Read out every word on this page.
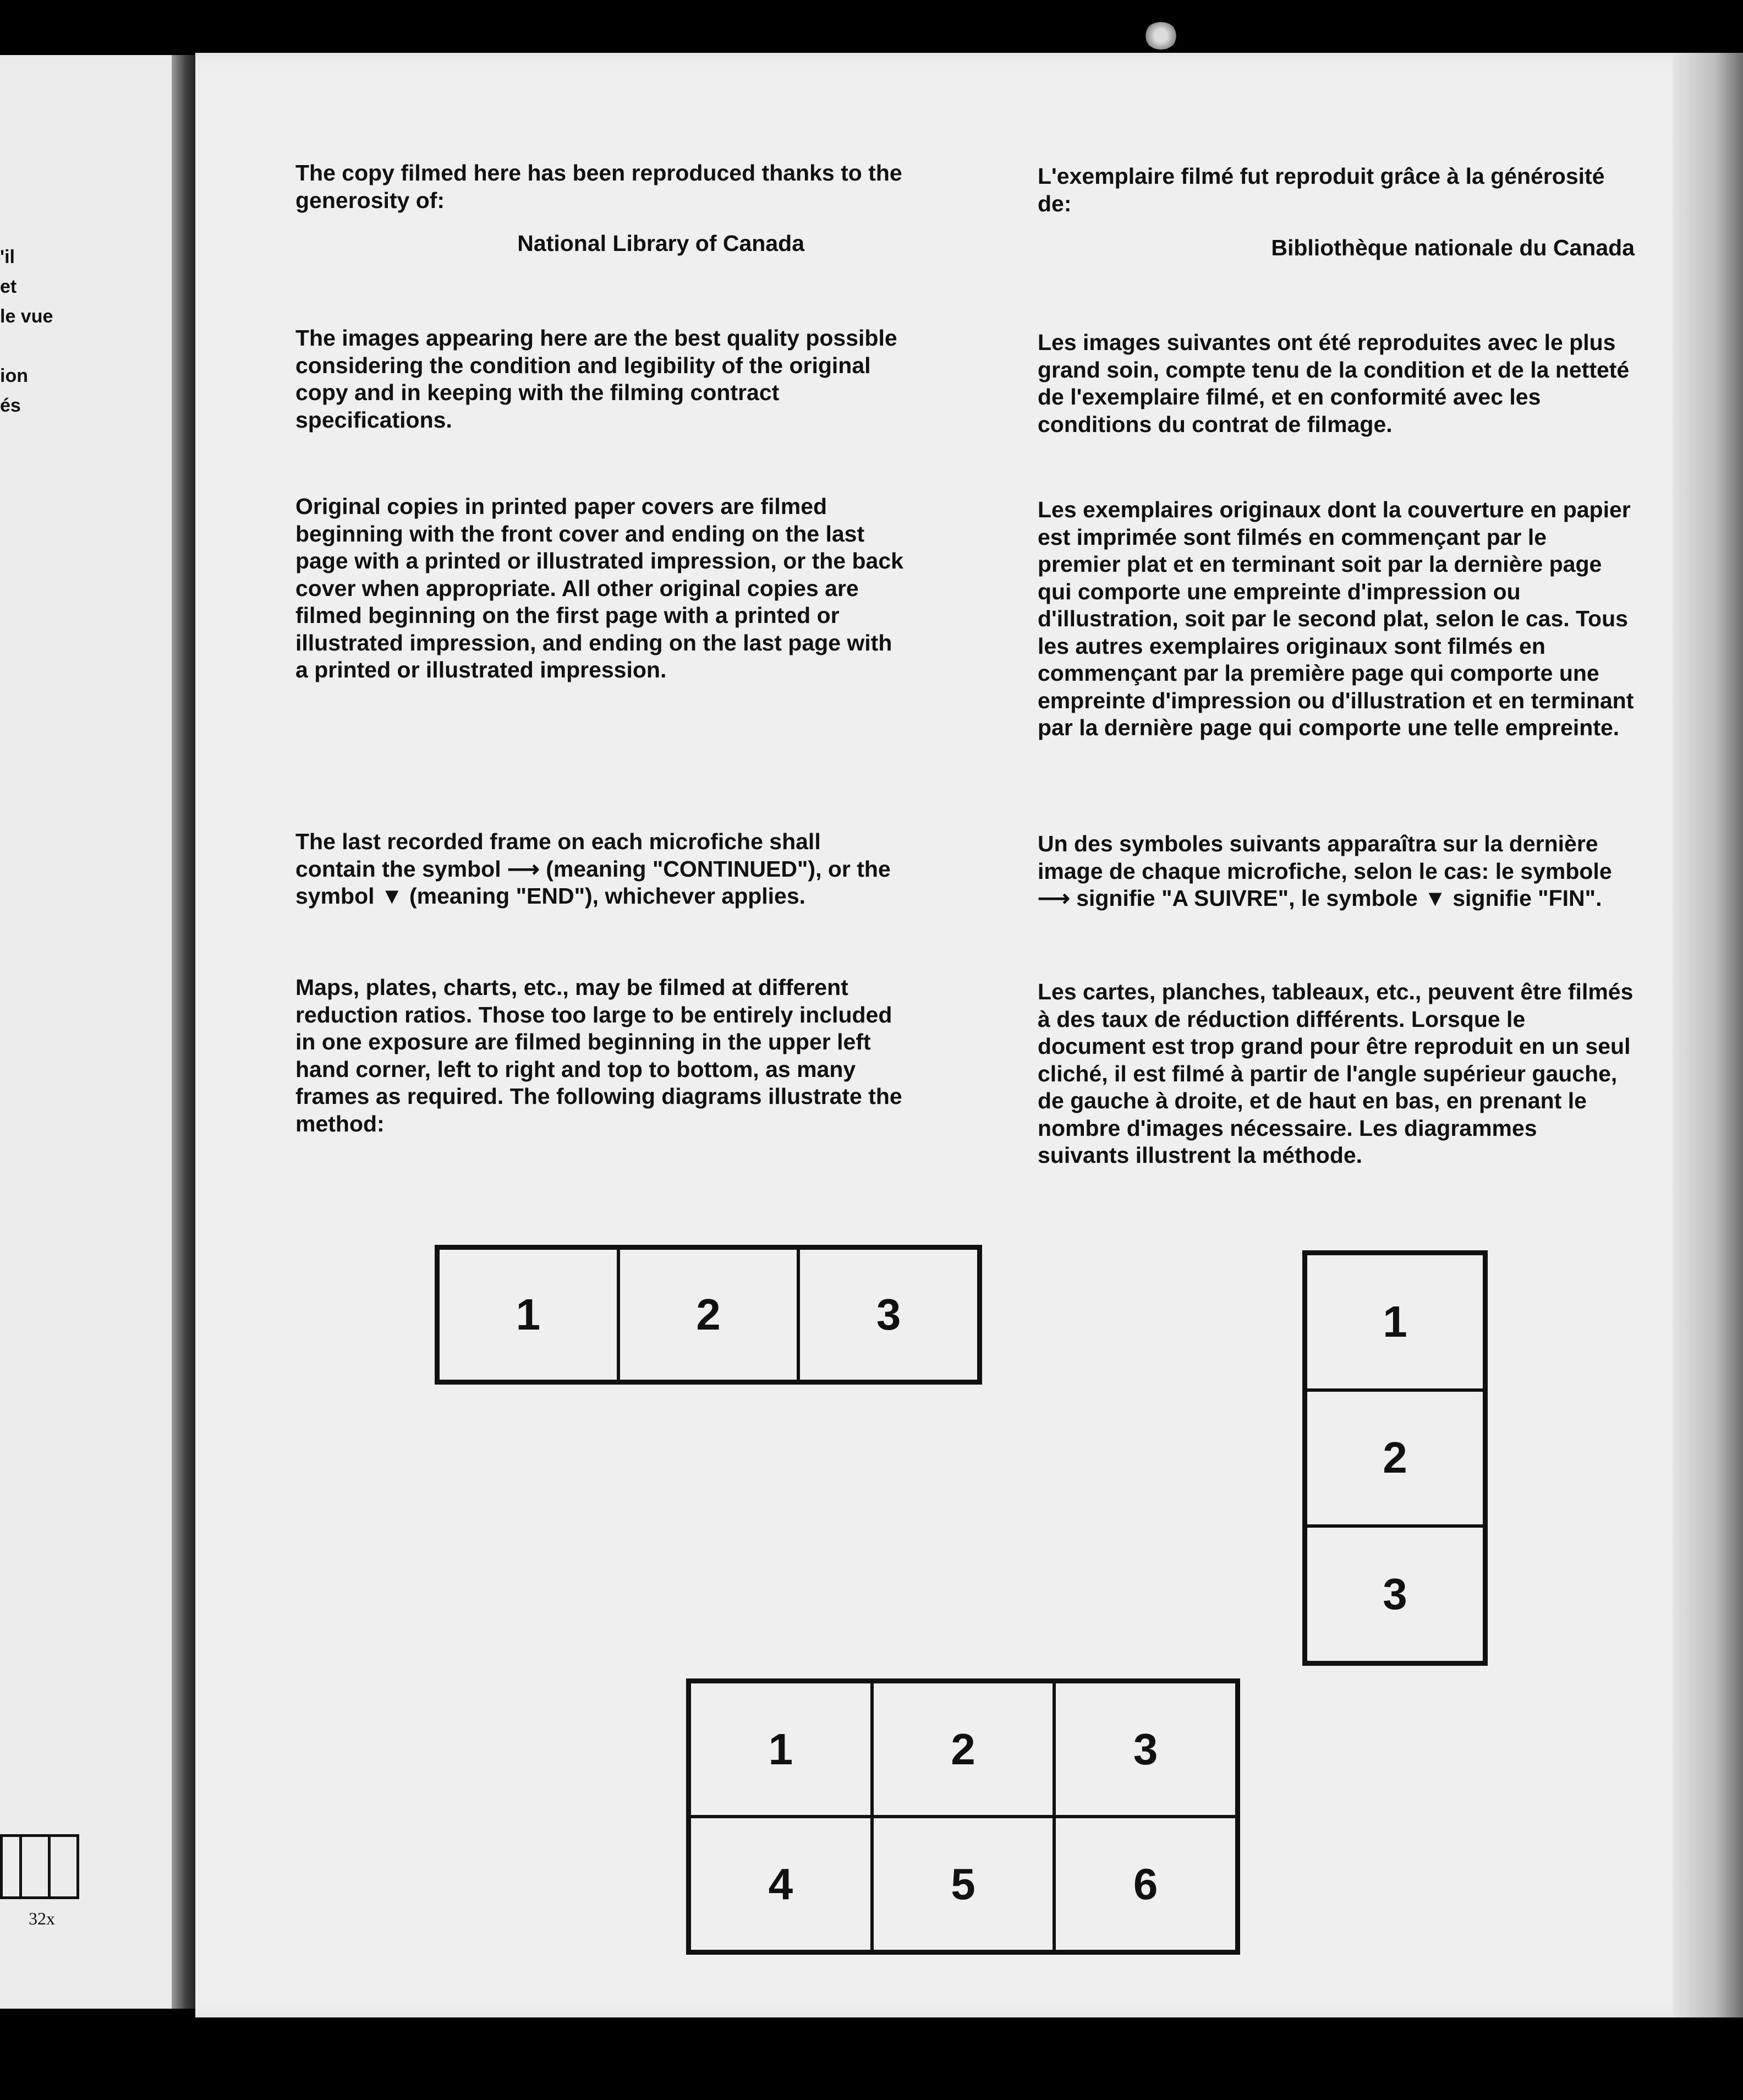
'il
et
le vue
ion
és
32x

The copy filmed here has been reproduced thanks to the generosity of:

National Library of Canada

The images appearing here are the best quality possible considering the condition and legibility of the original copy and in keeping with the filming contract specifications.

Original copies in printed paper covers are filmed beginning with the front cover and ending on the last page with a printed or illustrated impression, or the back cover when appropriate. All other original copies are filmed beginning on the first page with a printed or illustrated impression, and ending on the last page with a printed or illustrated impression.

The last recorded frame on each microfiche shall contain the symbol ⟶ (meaning "CONTINUED"), or the symbol ▼ (meaning "END"), whichever applies.

Maps, plates, charts, etc., may be filmed at different reduction ratios. Those too large to be entirely included in one exposure are filmed beginning in the upper left hand corner, left to right and top to bottom, as many frames as required. The following diagrams illustrate the method:

L'exemplaire filmé fut reproduit grâce à la générosité de:

Bibliothèque nationale du Canada

Les images suivantes ont été reproduites avec le plus grand soin, compte tenu de la condition et de la netteté de l'exemplaire filmé, et en conformité avec les conditions du contrat de filmage.

Les exemplaires originaux dont la couverture en papier est imprimée sont filmés en commençant par le premier plat et en terminant soit par la dernière page qui comporte une empreinte d'impression ou d'illustration, soit par le second plat, selon le cas. Tous les autres exemplaires originaux sont filmés en commençant par la première page qui comporte une empreinte d'impression ou d'illustration et en terminant par la dernière page qui comporte une telle empreinte.

Un des symboles suivants apparaîtra sur la dernière image de chaque microfiche, selon le cas: le symbole ⟶ signifie "A SUIVRE", le symbole ▼ signifie "FIN".

Les cartes, planches, tableaux, etc., peuvent être filmés à des taux de réduction différents. Lorsque le document est trop grand pour être reproduit en un seul cliché, il est filmé à partir de l'angle supérieur gauche, de gauche à droite, et de haut en bas, en prenant le nombre d'images nécessaire. Les diagrammes suivants illustrent la méthode.

1	2	3	1
2
3
1	2	3
4	5	6
